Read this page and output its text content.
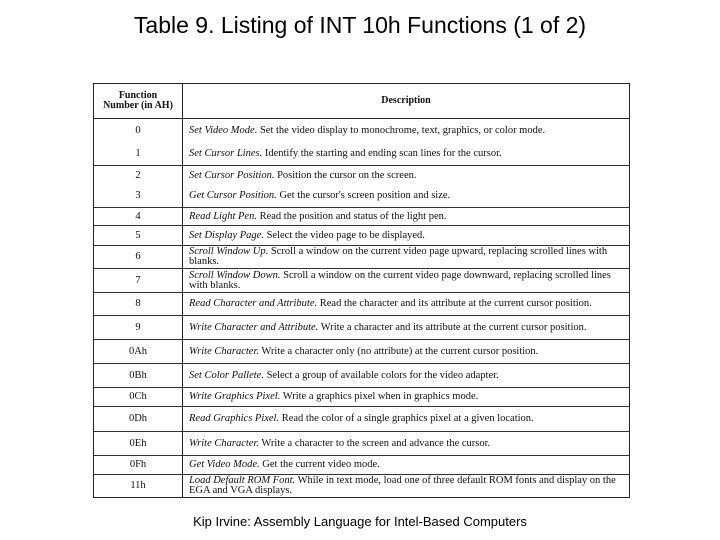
Table 9. Listing of INT 10h Functions (1 of 2)
Function Number (in AH)	Description
0	Set Video Mode. Set the video display to monochrome, text, graphics, or color mode.
1	Set Cursor Lines. Identify the starting and ending scan lines for the cursor.
2	Set Cursor Position. Position the cursor on the screen.
3	Get Cursor Position. Get the cursor's screen position and size.
4	Read Light Pen. Read the position and status of the light pen.
5	Set Display Page. Select the video page to be displayed.
6	Scroll Window Up. Scroll a window on the current video page upward, replacing scrolled lines with blanks.
7	Scroll Window Down. Scroll a window on the current video page downward, replacing scrolled lines with blanks.
8	Read Character and Attribute. Read the character and its attribute at the current cursor position.
9	Write Character and Attribute. Write a character and its attribute at the current cursor position.
0Ah	Write Character. Write a character only (no attribute) at the current cursor position.
0Bh	Set Color Pallete. Select a group of available colors for the video adapter.
0Ch	Write Graphics Pixel. Write a graphics pixel when in graphics mode.
0Dh	Read Graphics Pixel. Read the color of a single graphics pixel at a given location.
0Eh	Write Character. Write a character to the screen and advance the cursor.
0Fh	Get Video Mode. Get the current video mode.
11h	Load Default ROM Font. While in text mode, load one of three default ROM fonts and display on the EGA and VGA displays.
Kip Irvine: Assembly Language for Intel-Based Computers
